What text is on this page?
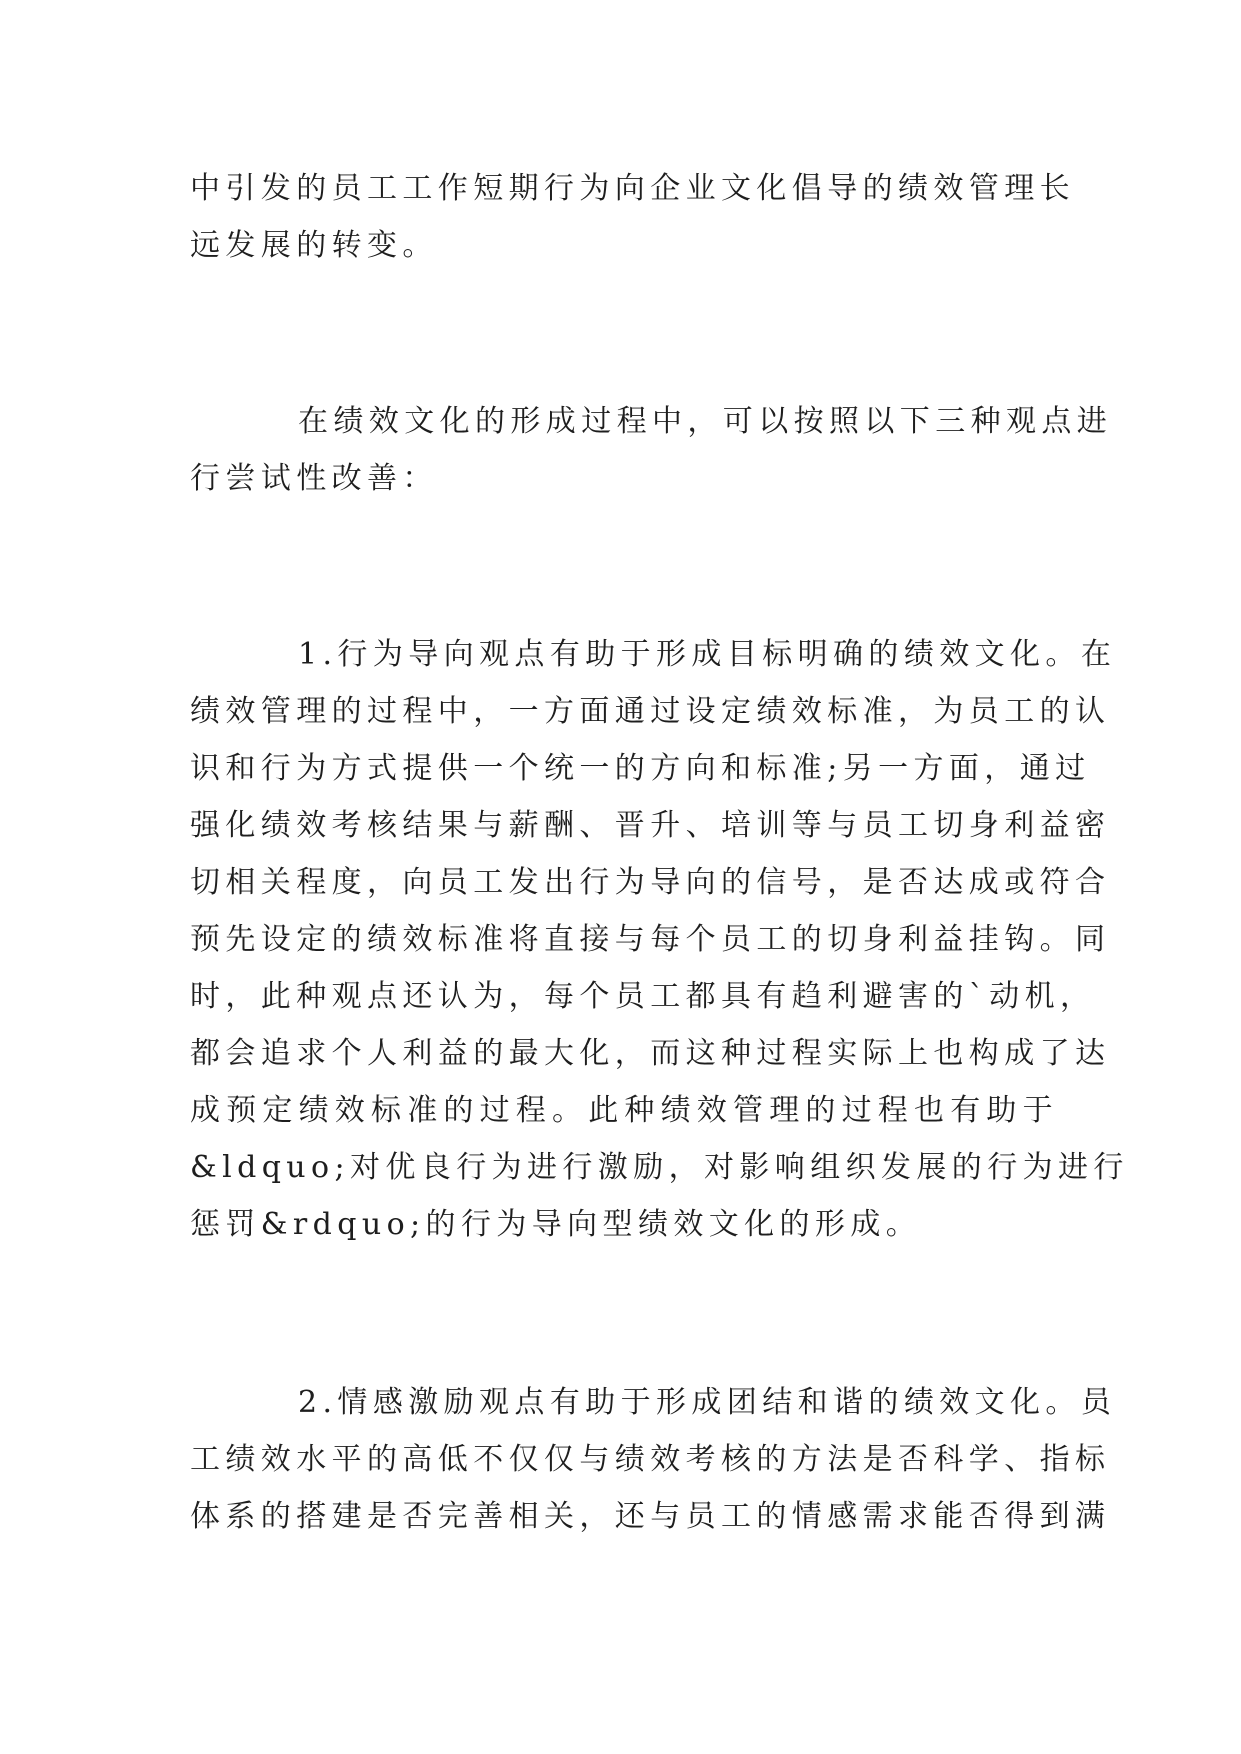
中引发的员工工作短期行为向企业文化倡导的绩效管理长
远发展的转变。
在绩效文化的形成过程中，可以按照以下三种观点进
行尝试性改善：
1.行为导向观点有助于形成目标明确的绩效文化。在
绩效管理的过程中，一方面通过设定绩效标准，为员工的认
识和行为方式提供一个统一的方向和标准;另一方面，通过
强化绩效考核结果与薪酬、晋升、培训等与员工切身利益密
切相关程度，向员工发出行为导向的信号，是否达成或符合
预先设定的绩效标准将直接与每个员工的切身利益挂钩。同
时，此种观点还认为，每个员工都具有趋利避害的`动机，
都会追求个人利益的最大化，而这种过程实际上也构成了达
成预定绩效标准的过程。此种绩效管理的过程也有助于
&ldquo;对优良行为进行激励，对影响组织发展的行为进行
惩罚&rdquo;的行为导向型绩效文化的形成。
2.情感激励观点有助于形成团结和谐的绩效文化。员
工绩效水平的高低不仅仅与绩效考核的方法是否科学、指标
体系的搭建是否完善相关，还与员工的情感需求能否得到满
